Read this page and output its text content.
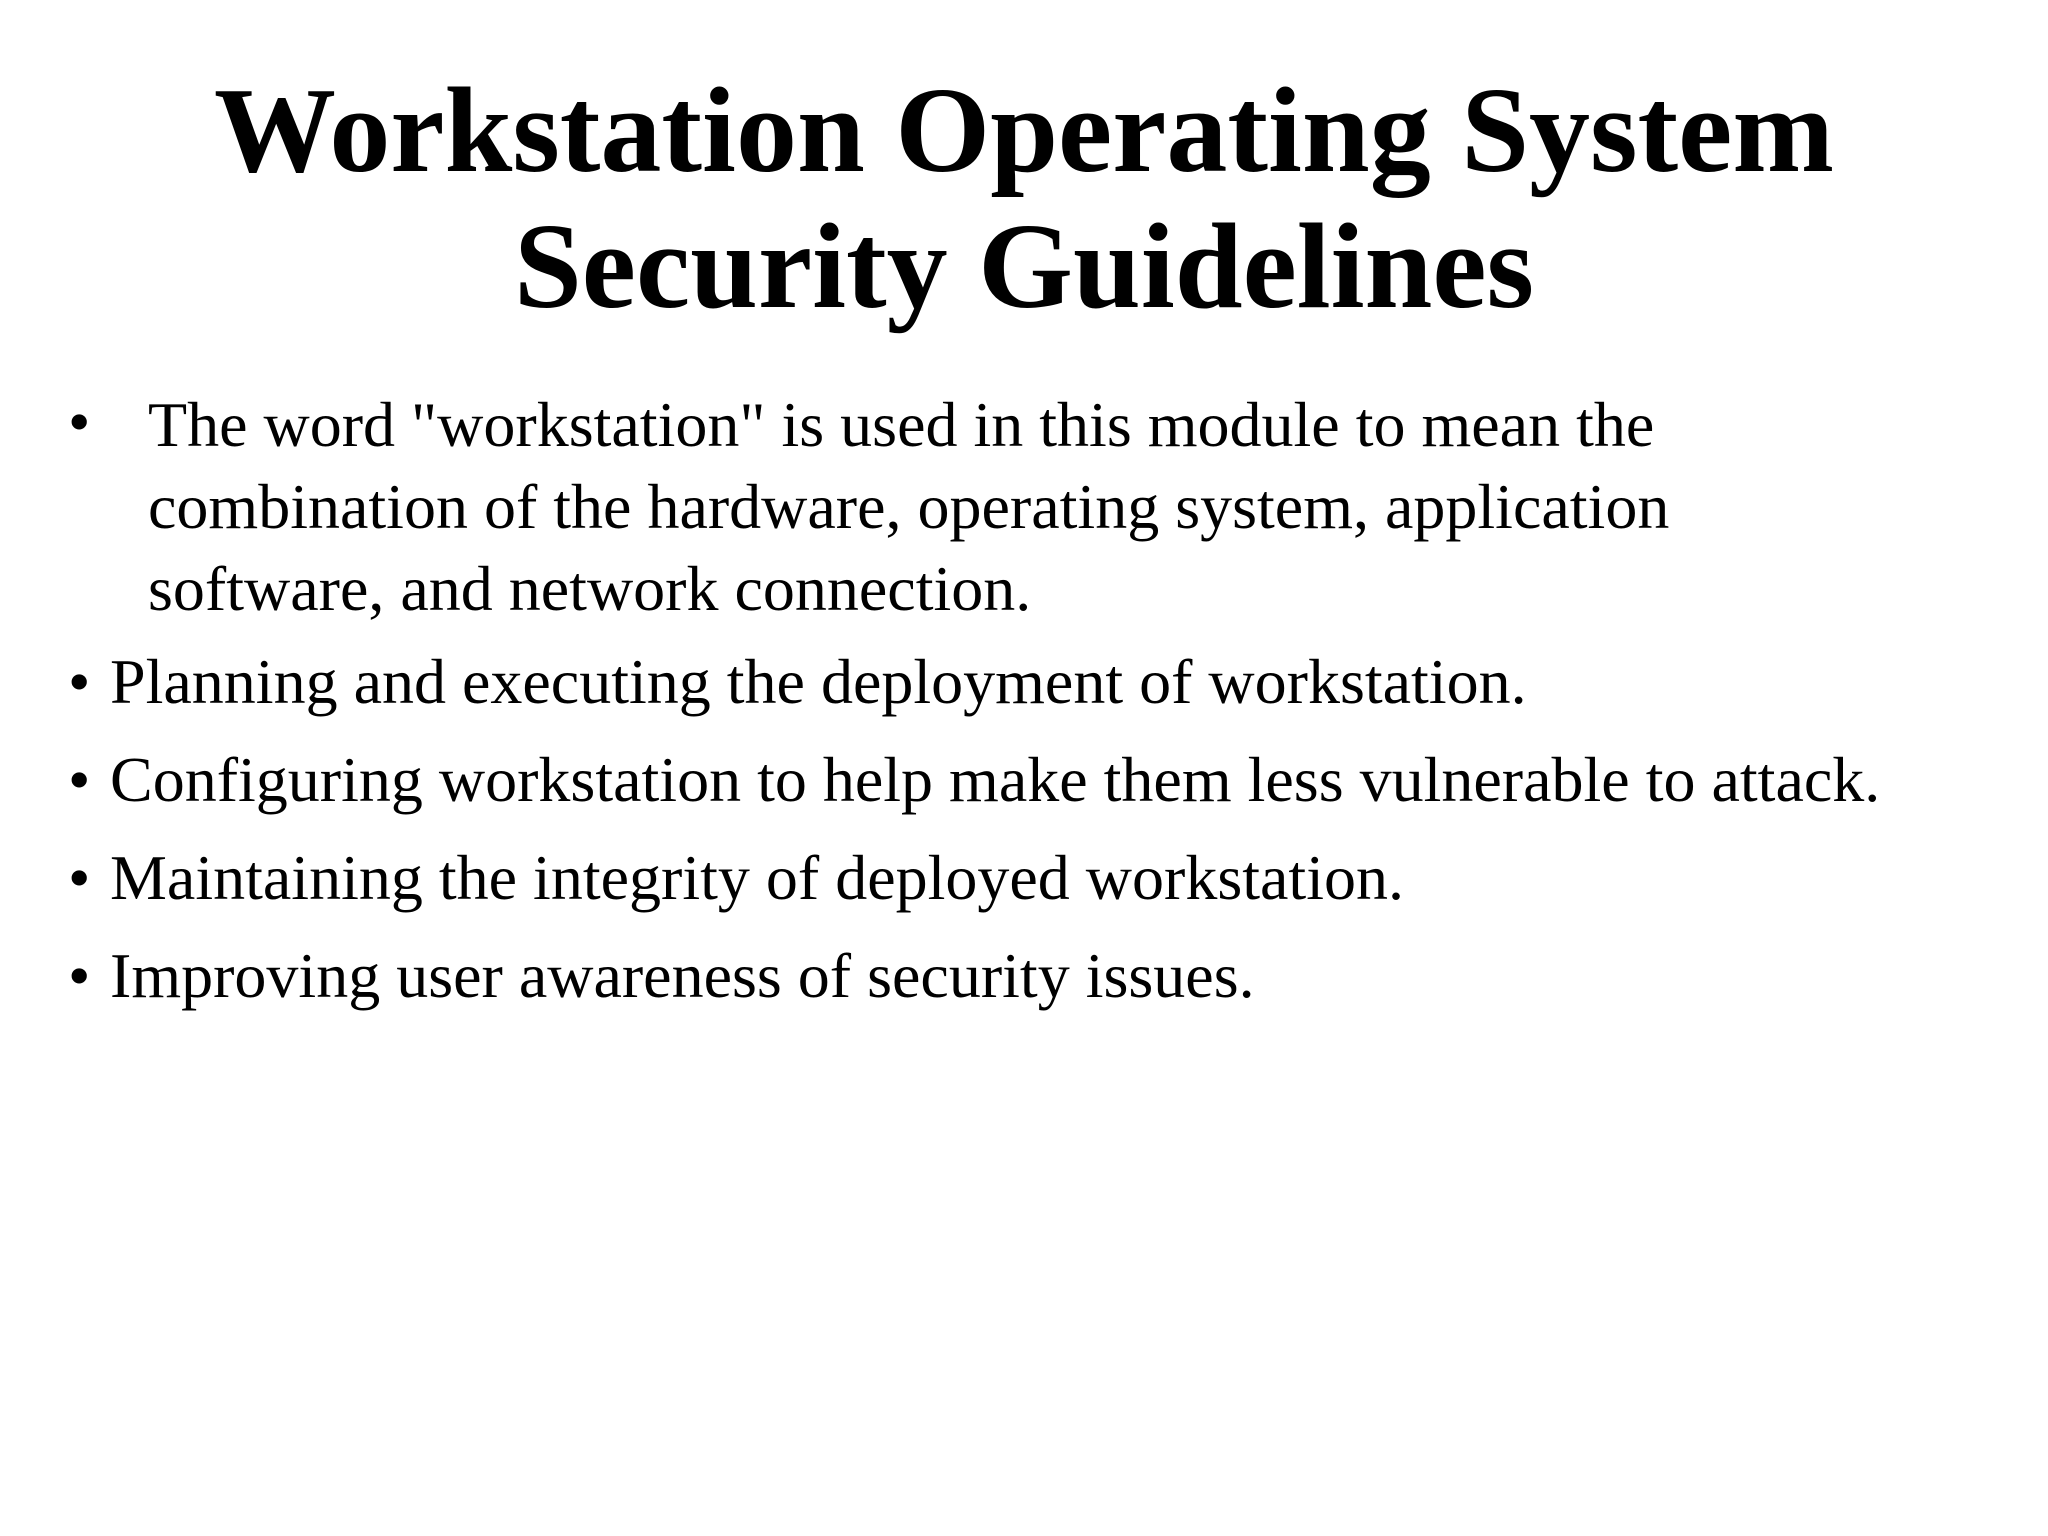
Workstation Operating System
Security Guidelines
• The word "workstation" is used in this module to mean the
combination of the hardware, operating system, application
software, and network connection.
• Planning and executing the deployment of workstation.
• Configuring workstation to help make them less vulnerable to attack.
• Maintaining the integrity of deployed workstation.
• Improving user awareness of security issues.
